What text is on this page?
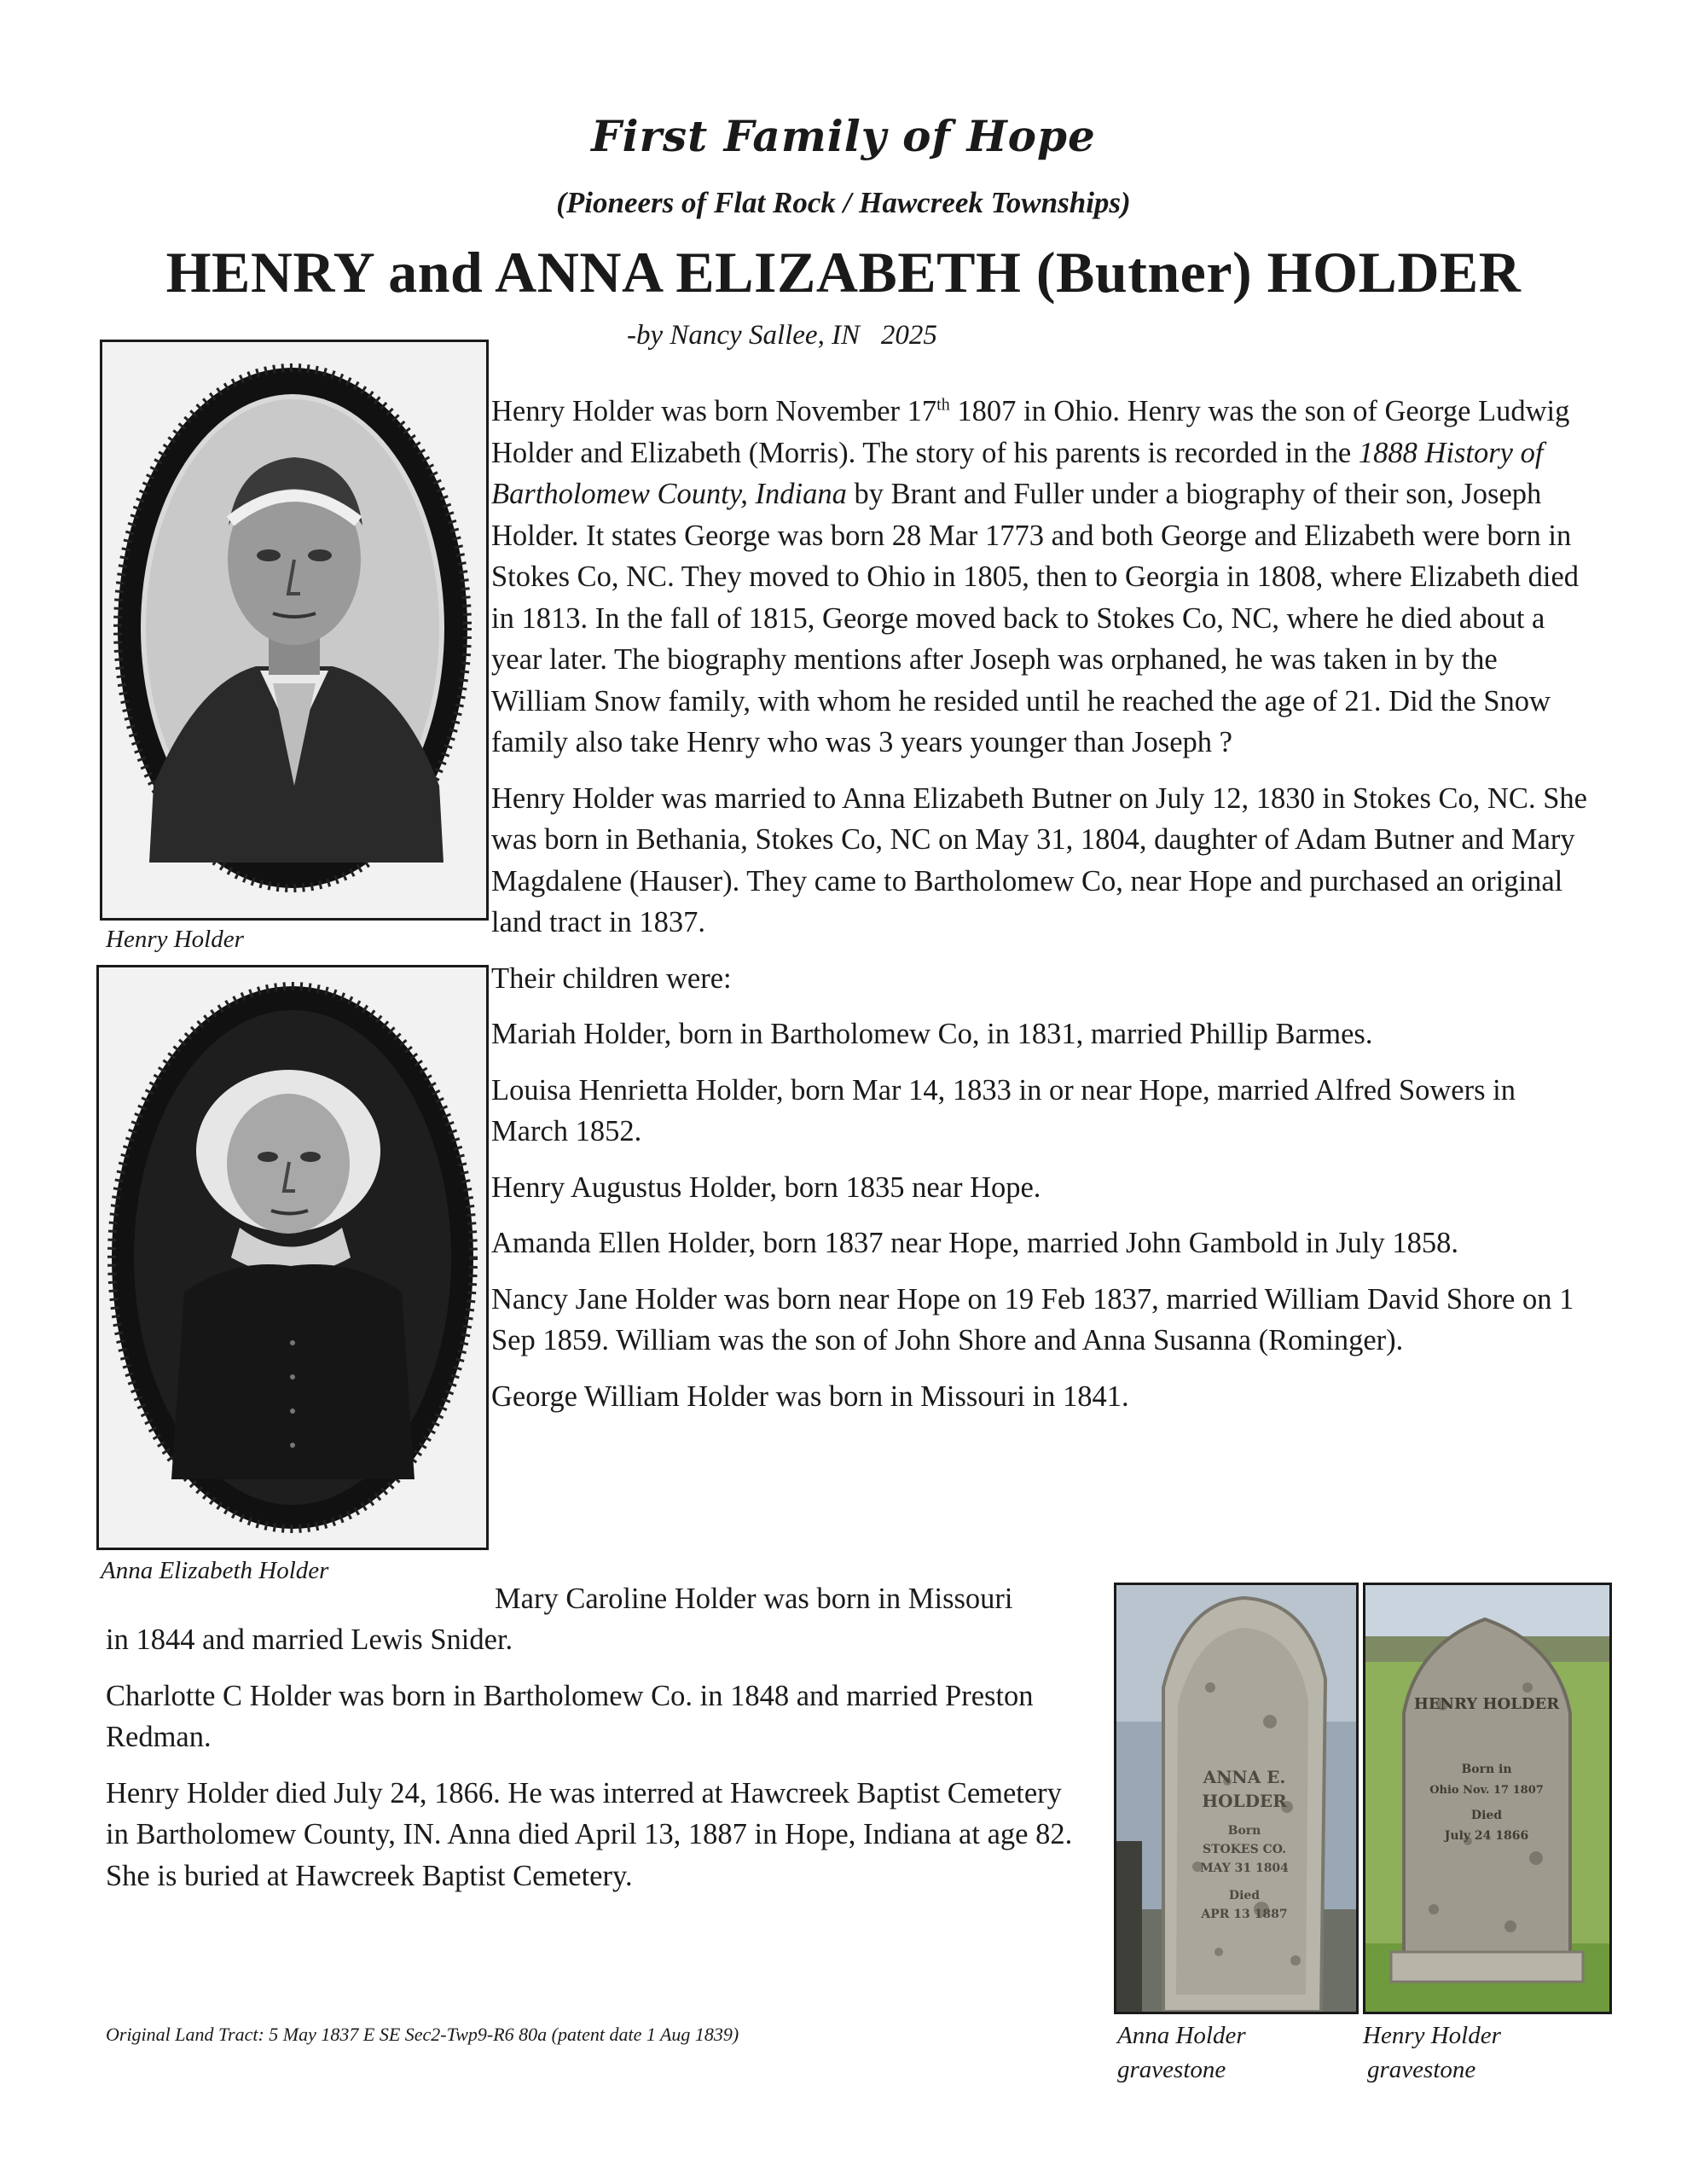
First Family of Hope
(Pioneers of Flat Rock / Hawcreek Townships)
HENRY and ANNA ELIZABETH (Butner) HOLDER
-by Nancy Sallee, IN   2025
Henry Holder
Anna Elizabeth Holder

Henry Holder was born November 17th 1807 in Ohio. Henry was the son of George Ludwig Holder and Elizabeth (Morris). The story of his parents is recorded in the 1888 History of Bartholomew County, Indiana by Brant and Fuller under a biography of their son, Joseph Holder. It states George was born 28 Mar 1773 and both George and Elizabeth were born in Stokes Co, NC. They moved to Ohio in 1805, then to Georgia in 1808, where Elizabeth died in 1813. In the fall of 1815, George moved back to Stokes Co, NC, where he died about a year later. The biography mentions after Joseph was orphaned, he was taken in by the William Snow family, with whom he resided until he reached the age of 21. Did the Snow family also take Henry who was 3 years younger than Joseph ?

Henry Holder was married to Anna Elizabeth Butner on July 12, 1830 in Stokes Co, NC. She was born in Bethania, Stokes Co, NC on May 31, 1804, daughter of Adam Butner and Mary Magdalene (Hauser). They came to Bartholomew Co, near Hope and purchased an original land tract in 1837.

Their children were:

Mariah Holder, born in Bartholomew Co, in 1831, married Phillip Barmes.

Louisa Henrietta Holder, born Mar 14, 1833 in or near Hope, married Alfred Sowers in March 1852.

Henry Augustus Holder, born 1835 near Hope.

Amanda Ellen Holder, born 1837 near Hope, married John Gambold in July 1858.

Nancy Jane Holder was born near Hope on 19 Feb 1837, married William David Shore on 1 Sep 1859. William was the son of John Shore and Anna Susanna (Rominger).

George William Holder was born in Missouri in 1841.

Mary Caroline Holder was born in Missouri

in 1844 and married Lewis Snider.

Charlotte C Holder was born in Bartholomew Co. in 1848 and married Preston Redman.

Henry Holder died July 24, 1866. He was interred at Hawcreek Baptist Cemetery in Bartholomew County, IN. Anna died April 13, 1887 in Hope, Indiana at age 82. She is buried at Hawcreek Baptist Cemetery.

ANNA E.
HOLDER
Born
STOKES CO.
MAY 31 1804
Died
APR 13 1887
Anna Holder
gravestone
HENRY HOLDER
Born in
Ohio Nov. 17 1807
Died
July 24 1866
Henry Holder
gravestone
Original Land Tract: 5 May 1837 E SE Sec2-Twp9-R6 80a (patent date 1 Aug 1839)
